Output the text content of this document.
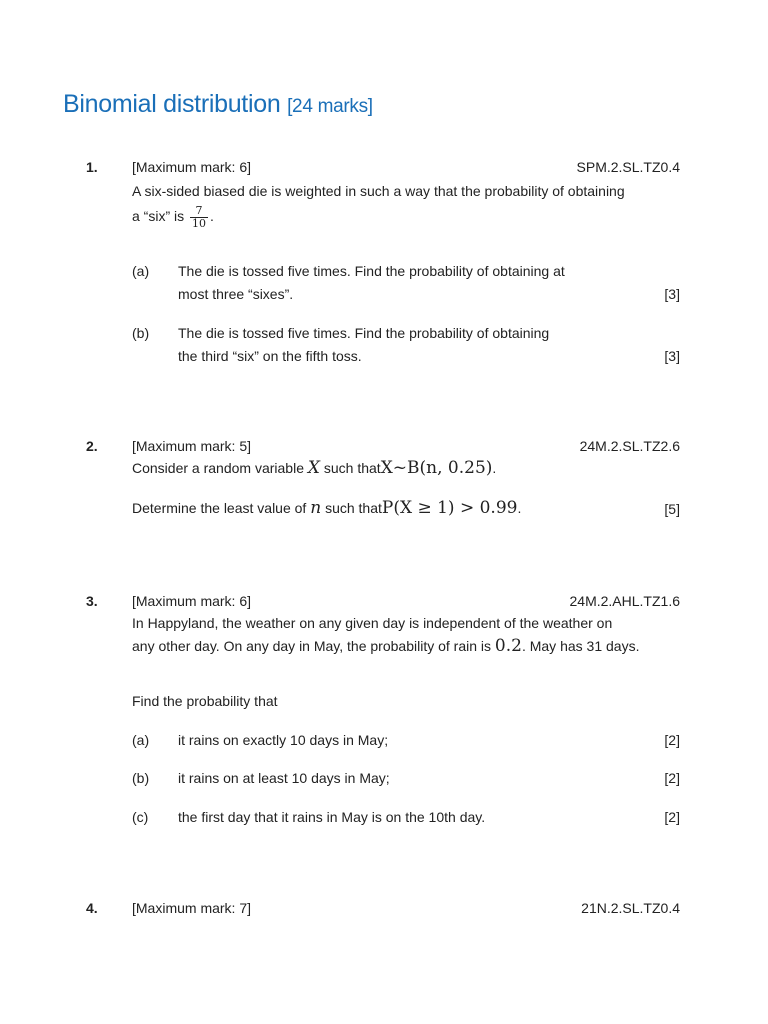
Binomial distribution [24 marks]
1. [Maximum mark: 6]	SPM.2.SL.TZ0.4
A six-sided biased die is weighted in such a way that the probability of obtaining
a “six” is $\frac{7}{10}$ .
(a) The die is tossed five times. Find the probability of obtaining at
most three “sixes”.	[3]
(b) The die is tossed five times. Find the probability of obtaining
the third “six” on the fifth toss.	[3]
2. [Maximum mark: 5]	24M.2.SL.TZ2.6
Consider a random variable X such thatX~B(n, 0.25).
Determine the least value of n such thatP(X ≥ 1) > 0.99.	[5]
3. [Maximum mark: 6]	24M.2.AHL.TZ1.6
In Happyland, the weather on any given day is independent of the weather on
any other day. On any day in May, the probability of rain is 0.2. May has 31 days.
Find the probability that
(a) it rains on exactly 10 days in May;	[2]
(b) it rains on at least 10 days in May;	[2]
(c) the first day that it rains in May is on the 10th day.	[2]
4. [Maximum mark: 7]	21N.2.SL.TZ0.4
